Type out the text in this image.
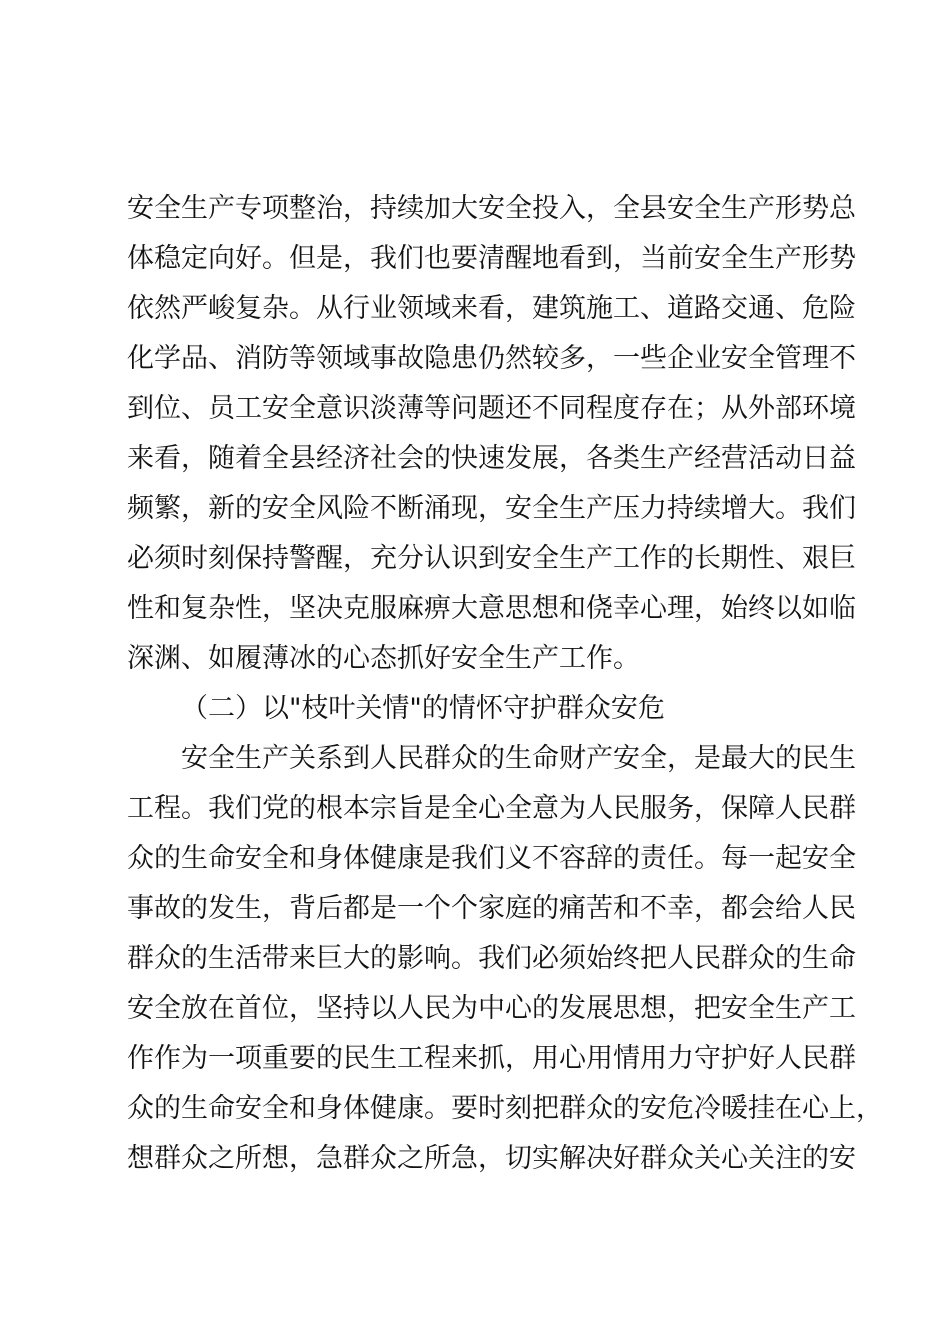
安全生产专项整治，持续加大安全投入，全县安全生产形势总
体稳定向好。但是，我们也要清醒地看到，当前安全生产形势
依然严峻复杂。从行业领域来看，建筑施工、道路交通、危险
化学品、消防等领域事故隐患仍然较多，一些企业安全管理不
到位、员工安全意识淡薄等问题还不同程度存在；从外部环境
来看，随着全县经济社会的快速发展，各类生产经营活动日益
频繁，新的安全风险不断涌现，安全生产压力持续增大。我们
必须时刻保持警醒，充分认识到安全生产工作的长期性、艰巨
性和复杂性，坚决克服麻痹大意思想和侥幸心理，始终以如临
深渊、如履薄冰的心态抓好安全生产工作。
（二）以"枝叶关情"的情怀守护群众安危
安全生产关系到人民群众的生命财产安全，是最大的民生
工程。我们党的根本宗旨是全心全意为人民服务，保障人民群
众的生命安全和身体健康是我们义不容辞的责任。每一起安全
事故的发生，背后都是一个个家庭的痛苦和不幸，都会给人民
群众的生活带来巨大的影响。我们必须始终把人民群众的生命
安全放在首位，坚持以人民为中心的发展思想，把安全生产工
作作为一项重要的民生工程来抓，用心用情用力守护好人民群
众的生命安全和身体健康。要时刻把群众的安危冷暖挂在心上，
想群众之所想，急群众之所急，切实解决好群众关心关注的安
